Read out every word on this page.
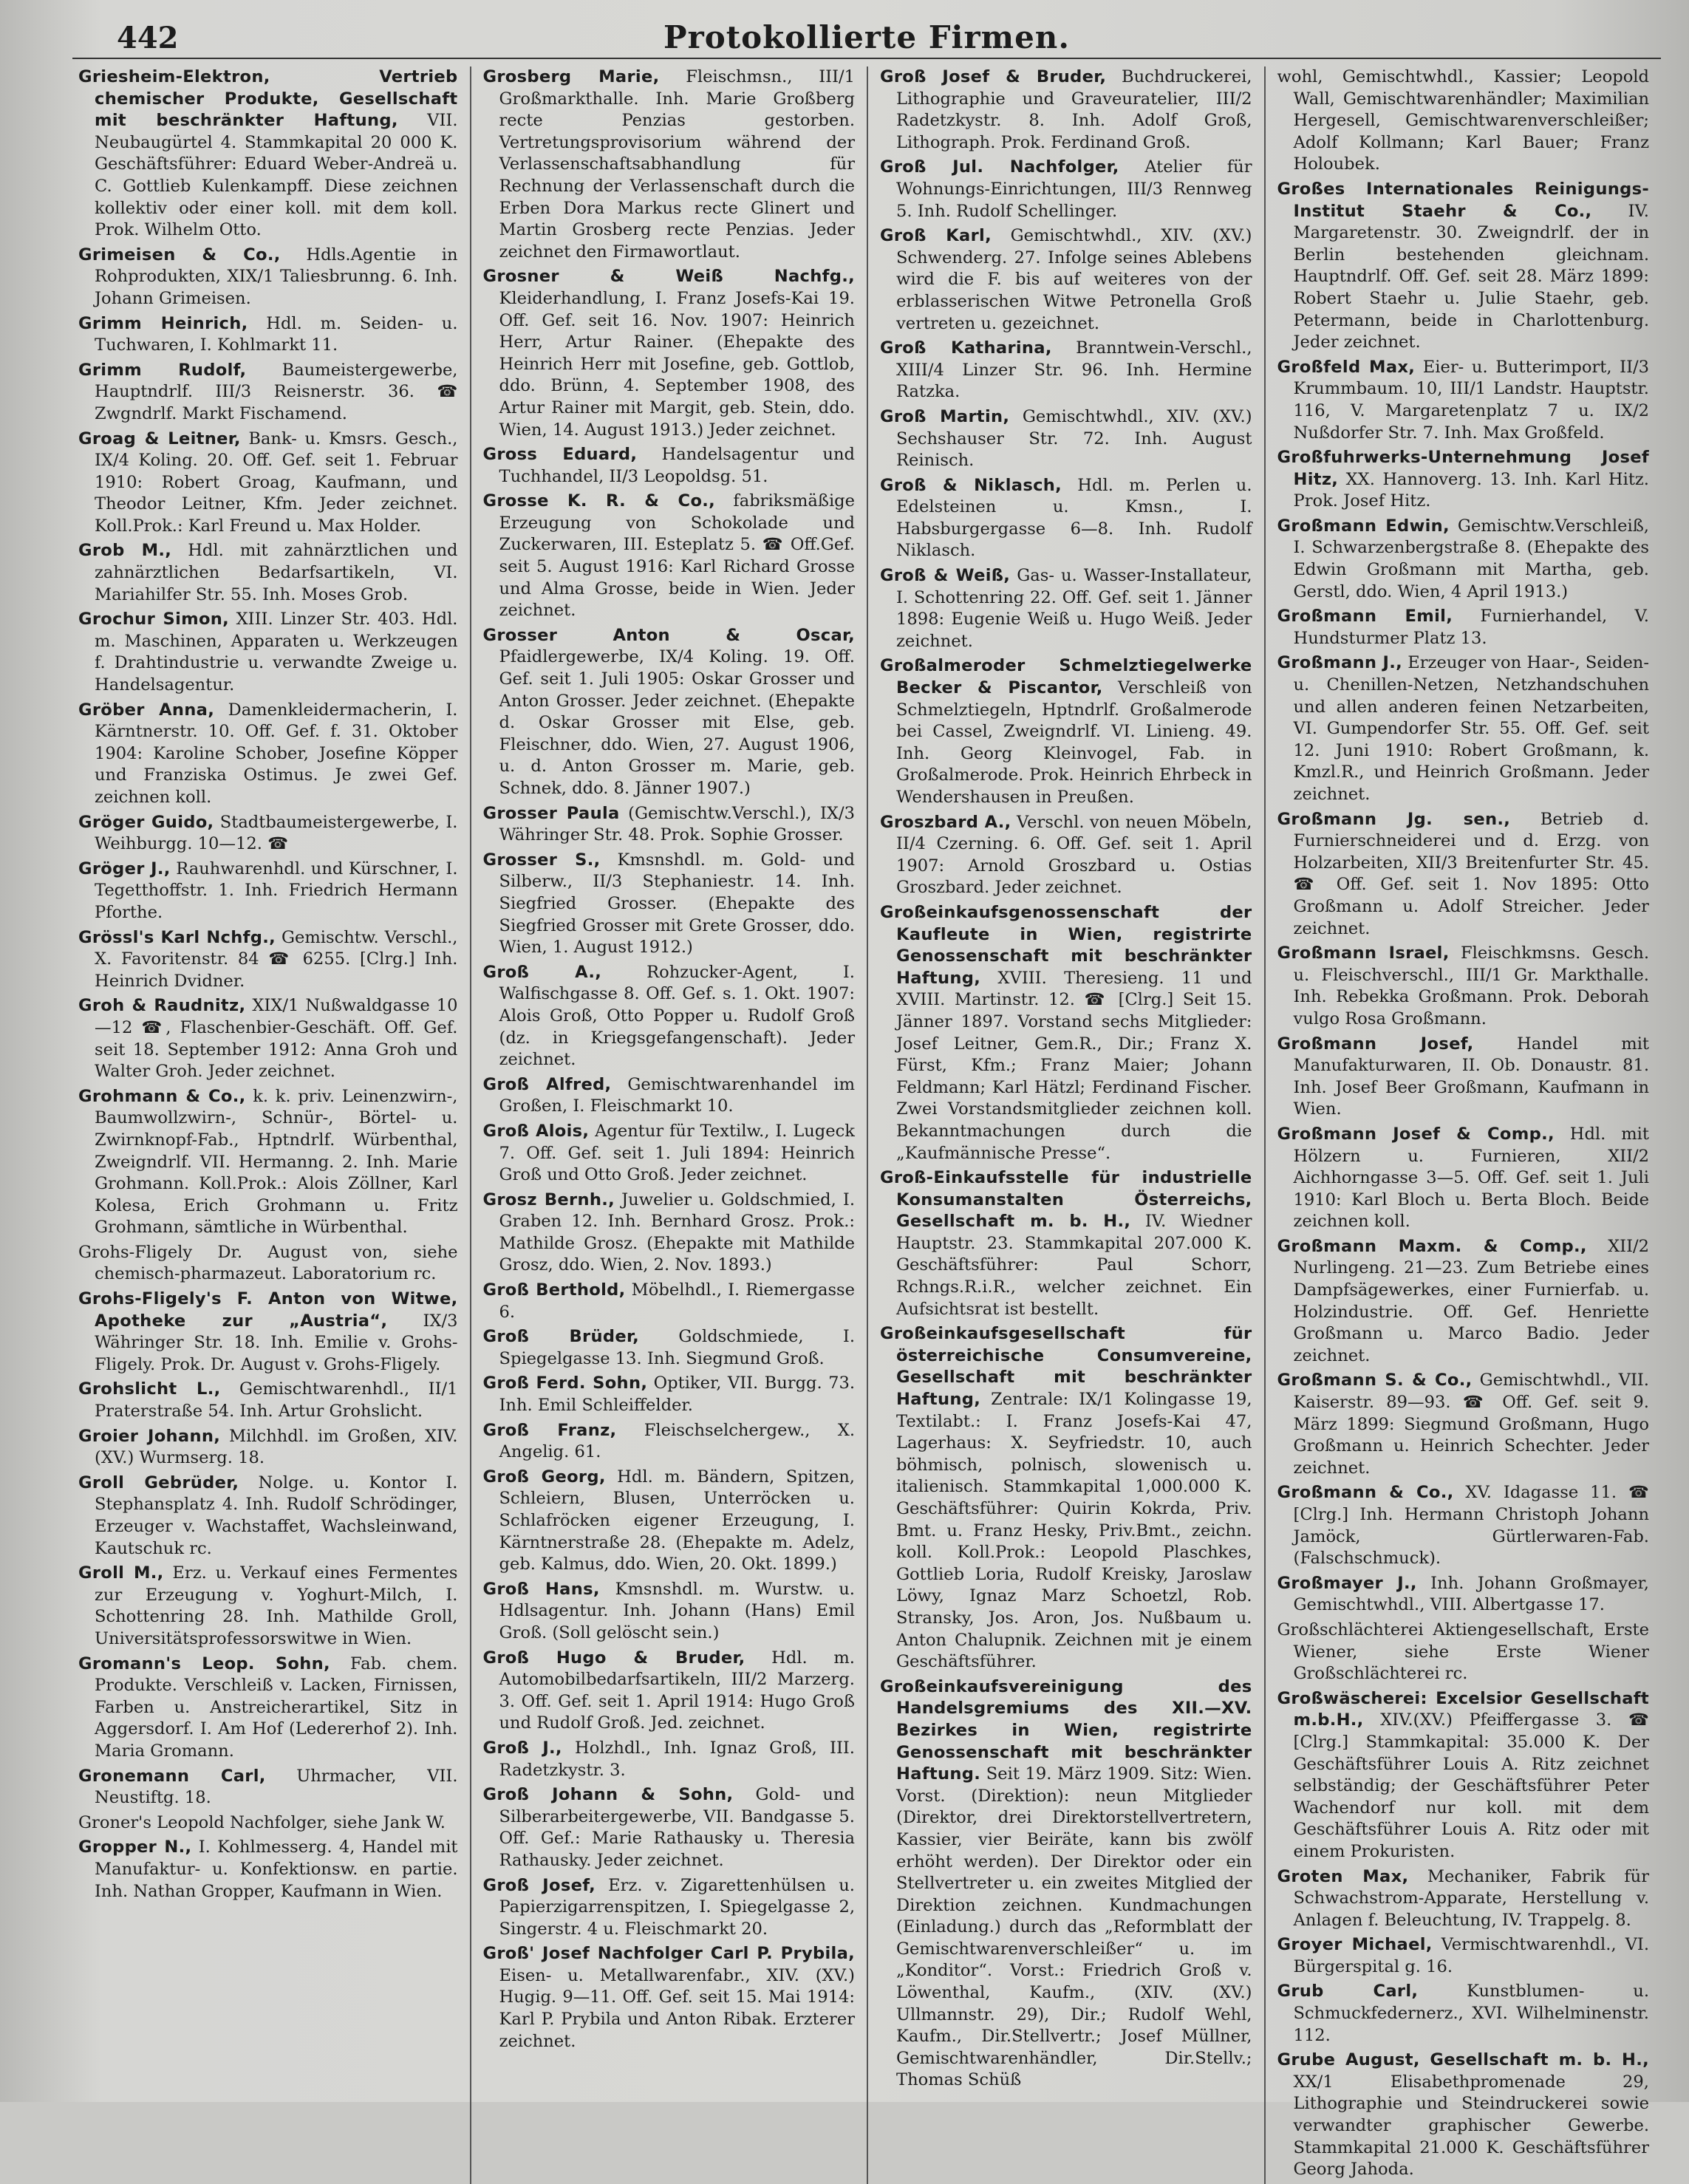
442	Protokollierte Firmen.

Griesheim-Elektron, Vertrieb chemischer Produkte, Gesellschaft mit beschränkter Haftung, VII. Neubaugürtel 4. Stammkapital 20 000 K. Geschäftsführer: Eduard Weber-Andreä u. C. Gottlieb Kulenkampff. Diese zeichnen kollektiv oder einer koll. mit dem koll. Prok. Wilhelm Otto.

Grimeisen & Co., Hdls.Agentie in Rohprodukten, XIX/1 Taliesbrunng. 6. Inh. Johann Grimeisen.

Grimm Heinrich, Hdl. m. Seiden- u. Tuchwaren, I. Kohlmarkt 11.

Grimm Rudolf, Baumeistergewerbe, Hauptndrlf. III/3 Reisnerstr. 36. ☎ Zwgndrlf. Markt Fischamend.

Groag & Leitner, Bank- u. Kmsrs. Gesch., IX/4 Koling. 20. Off. Gef. seit 1. Februar 1910: Robert Groag, Kaufmann, und Theodor Leitner, Kfm. Jeder zeichnet. Koll.Prok.: Karl Freund u. Max Holder.

Grob M., Hdl. mit zahnärztlichen und zahnärztlichen Bedarfsartikeln, VI. Mariahilfer Str. 55. Inh. Moses Grob.

Grochur Simon, XIII. Linzer Str. 403. Hdl. m. Maschinen, Apparaten u. Werkzeugen f. Drahtindustrie u. verwandte Zweige u. Handelsagentur.

Gröber Anna, Damenkleidermacherin, I. Kärntnerstr. 10. Off. Gef. f. 31. Oktober 1904: Karoline Schober, Josefine Köpper und Franziska Ostimus. Je zwei Gef. zeichnen koll.

Gröger Guido, Stadtbaumeistergewerbe, I. Weihburgg. 10—12. ☎

Gröger J., Rauhwarenhdl. und Kürschner, I. Tegetthoffstr. 1. Inh. Friedrich Hermann Pforthe.

Grössl's Karl Nchfg., Gemischtw. Verschl., X. Favoritenstr. 84 ☎ 6255. [Clrg.] Inh. Heinrich Dvidner.

Groh & Raudnitz, XIX/1 Nußwaldgasse 10—12 ☎, Flaschenbier-Geschäft. Off. Gef. seit 18. September 1912: Anna Groh und Walter Groh. Jeder zeichnet.

Grohmann & Co., k. k. priv. Leinenzwirn-, Baumwollzwirn-, Schnür-, Börtel- u. Zwirnknopf-Fab., Hptndrlf. Würbenthal, Zweigndrlf. VII. Hermanng. 2. Inh. Marie Grohmann. Koll.Prok.: Alois Zöllner, Karl Kolesa, Erich Grohmann u. Fritz Grohmann, sämtliche in Würbenthal.

Grohs-Fligely Dr. August von, siehe chemisch-pharmazeut. Laboratorium rc.

Grohs-Fligely's F. Anton von Witwe, Apotheke zur „Austria“, IX/3 Währinger Str. 18. Inh. Emilie v. Grohs-Fligely. Prok. Dr. August v. Grohs-Fligely.

Grohslicht L., Gemischtwarenhdl., II/1 Praterstraße 54. Inh. Artur Grohslicht.

Groier Johann, Milchhdl. im Großen, XIV. (XV.) Wurmserg. 18.

Groll Gebrüder, Nolge. u. Kontor I. Stephansplatz 4. Inh. Rudolf Schrödinger, Erzeuger v. Wachstaffet, Wachsleinwand, Kautschuk rc.

Groll M., Erz. u. Verkauf eines Fermentes zur Erzeugung v. Yoghurt-Milch, I. Schottenring 28. Inh. Mathilde Groll, Universitätsprofessorswitwe in Wien.

Gromann's Leop. Sohn, Fab. chem. Produkte. Verschleiß v. Lacken, Firnissen, Farben u. Anstreicherartikel, Sitz in Aggersdorf. I. Am Hof (Ledererhof 2). Inh. Maria Gromann.

Gronemann Carl, Uhrmacher, VII. Neustiftg. 18.

Groner's Leopold Nachfolger, siehe Jank W.

Gropper N., I. Kohlmesserg. 4, Handel mit Manufaktur- u. Konfektionsw. en partie. Inh. Nathan Gropper, Kaufmann in Wien.

Grosberg Marie, Fleischmsn., III/1 Großmarkthalle. Inh. Marie Großberg recte Penzias gestorben. Vertretungsprovisorium während der Verlassenschaftsabhandlung für Rechnung der Verlassenschaft durch die Erben Dora Markus recte Glinert und Martin Grosberg recte Penzias. Jeder zeichnet den Firmawortlaut.

Grosner & Weiß Nachfg., Kleiderhandlung, I. Franz Josefs-Kai 19. Off. Gef. seit 16. Nov. 1907: Heinrich Herr, Artur Rainer. (Ehepakte des Heinrich Herr mit Josefine, geb. Gottlob, ddo. Brünn, 4. September 1908, des Artur Rainer mit Margit, geb. Stein, ddo. Wien, 14. August 1913.) Jeder zeichnet.

Gross Eduard, Handelsagentur und Tuchhandel, II/3 Leopoldsg. 51.

Grosse K. R. & Co., fabriksmäßige Erzeugung von Schokolade und Zuckerwaren, III. Esteplatz 5. ☎ Off.Gef. seit 5. August 1916: Karl Richard Grosse und Alma Grosse, beide in Wien. Jeder zeichnet.

Grosser Anton & Oscar, Pfaidlergewerbe, IX/4 Koling. 19. Off. Gef. seit 1. Juli 1905: Oskar Grosser und Anton Grosser. Jeder zeichnet. (Ehepakte d. Oskar Grosser mit Else, geb. Fleischner, ddo. Wien, 27. August 1906, u. d. Anton Grosser m. Marie, geb. Schnek, ddo. 8. Jänner 1907.)

Grosser Paula (Gemischtw.Verschl.), IX/3 Währinger Str. 48. Prok. Sophie Grosser.

Grosser S., Kmsnshdl. m. Gold- und Silberw., II/3 Stephaniestr. 14. Inh. Siegfried Grosser. (Ehepakte des Siegfried Grosser mit Grete Grosser, ddo. Wien, 1. August 1912.)

Groß A.,	Rohzucker-Agent, I. Walfischgasse 8. Off. Gef. s. 1. Okt. 1907: Alois Groß, Otto Popper u. Rudolf Groß (dz. in Kriegsgefangenschaft). Jeder zeichnet.

Groß Alfred, Gemischtwarenhandel im Großen, I. Fleischmarkt 10.

Groß Alois, Agentur für Textilw., I. Lugeck 7. Off. Gef. seit 1. Juli 1894: Heinrich Groß und Otto Groß. Jeder zeichnet.

Grosz Bernh., Juwelier u. Goldschmied, I. Graben 12. Inh. Bernhard Grosz. Prok.: Mathilde Grosz. (Ehepakte mit Mathilde Grosz, ddo. Wien, 2. Nov. 1893.)

Groß Berthold, Möbelhdl., I. Riemergasse 6.

Groß Brüder, Goldschmiede, I. Spiegelgasse 13. Inh. Siegmund Groß.

Groß Ferd. Sohn, Optiker, VII. Burgg. 73. Inh. Emil Schleiffelder.

Groß Franz, Fleischselchergew., X. Angelig. 61.

Groß Georg, Hdl. m. Bändern, Spitzen, Schleiern, Blusen, Unterröcken u. Schlafröcken eigener Erzeugung, I. Kärntnerstraße 28. (Ehepakte m. Adelz, geb. Kalmus, ddo. Wien, 20. Okt. 1899.)

Groß Hans, Kmsnshdl. m. Wurstw. u. Hdlsagentur. Inh. Johann (Hans) Emil Groß. (Soll gelöscht sein.)

Groß Hugo & Bruder, Hdl. m. Automobilbedarfsartikeln, III/2 Marzerg. 3. Off. Gef. seit 1. April 1914: Hugo Groß und Rudolf Groß. Jed. zeichnet.

Groß J., Holzhdl., Inh. Ignaz Groß, III. Radetzkystr. 3.

Groß Johann & Sohn, Gold- und Silberarbeitergewerbe, VII. Bandgasse 5. Off. Gef.: Marie Rathausky u. Theresia Rathausky. Jeder zeichnet.

Groß Josef, Erz. v. Zigarettenhülsen u. Papierzigarrenspitzen, I. Spiegelgasse 2, Singerstr. 4 u. Fleischmarkt 20.

Groß' Josef Nachfolger Carl P. Prybila, Eisen- u. Metallwarenfabr., XIV. (XV.) Hugig. 9—11. Off. Gef. seit 15. Mai 1914: Karl P. Prybila und Anton Ribak. Erzterer zeichnet.

Groß Josef & Bruder, Buchdruckerei, Lithographie und Graveuratelier, III/2 Radetzkystr. 8. Inh. Adolf Groß, Lithograph. Prok. Ferdinand Groß.

Groß Jul. Nachfolger, Atelier für Wohnungs-Einrichtungen, III/3 Rennweg 5. Inh. Rudolf Schellinger.

Groß Karl, Gemischtwhdl., XIV. (XV.) Schwenderg. 27. Infolge seines Ablebens wird die F. bis auf weiteres von der erblasserischen Witwe Petronella Groß vertreten u. gezeichnet.

Groß Katharina, Branntwein-Verschl., XIII/4 Linzer Str. 96. Inh. Hermine Ratzka.

Groß Martin, Gemischtwhdl., XIV. (XV.) Sechshauser Str. 72. Inh. August Reinisch.

Groß & Niklasch, Hdl. m. Perlen u. Edelsteinen u. Kmsn., I. Habsburgergasse 6—8. Inh. Rudolf Niklasch.

Groß & Weiß, Gas- u. Wasser-Installateur, I. Schottenring 22. Off. Gef. seit 1. Jänner 1898: Eugenie Weiß u. Hugo Weiß. Jeder zeichnet.

Großalmeroder Schmelztiegelwerke Becker & Piscantor, Verschleiß von Schmelztiegeln, Hptndrlf. Großalmerode bei Cassel, Zweigndrlf. VI. Linieng. 49. Inh. Georg Kleinvogel, Fab. in Großalmerode. Prok. Heinrich Ehrbeck in Wendershausen in Preußen.

Groszbard A., Verschl. von neuen Möbeln, II/4 Czerning. 6. Off. Gef. seit 1. April 1907: Arnold Groszbard u. Ostias Groszbard. Jeder zeichnet.

Großeinkaufsgenossenschaft der Kaufleute in Wien, registrirte Genossenschaft mit beschränkter Haftung, XVIII. Theresieng. 11 und XVIII. Martinstr. 12. ☎ [Clrg.] Seit 15. Jänner 1897. Vorstand sechs Mitglieder: Josef Leitner, Gem.R., Dir.; Franz X. Fürst, Kfm.; Franz Maier; Johann Feldmann; Karl Hätzl; Ferdinand Fischer. Zwei Vorstandsmitglieder zeichnen koll. Bekanntmachungen durch die „Kaufmännische Presse“.

Groß-Einkaufsstelle für industrielle Konsumanstalten Österreichs, Gesellschaft m. b. H., IV. Wiedner Hauptstr. 23. Stammkapital 207.000 K. Geschäftsführer: Paul Schorr, Rchngs.R.i.R., welcher zeichnet. Ein Aufsichtsrat ist bestellt.

Großeinkaufsgesellschaft für österreichische Consumvereine, Gesellschaft mit beschränkter Haftung, Zentrale: IX/1 Kolingasse 19, Textilabt.: I. Franz Josefs-Kai 47, Lagerhaus: X. Seyfriedstr. 10, auch böhmisch, polnisch, slowenisch u. italienisch. Stammkapital 1,000.000 K. Geschäftsführer: Quirin Kokrda, Priv. Bmt. u. Franz Hesky, Priv.Bmt., zeichn. koll. Koll.Prok.: Leopold Plaschkes, Gottlieb Loria, Rudolf Kreisky, Jaroslaw Löwy, Ignaz Marz Schoetzl, Rob. Stransky, Jos. Aron, Jos. Nußbaum u. Anton Chalupnik. Zeichnen mit je einem Geschäftsführer.

Großeinkaufsvereinigung des Handelsgremiums des XII.—XV. Bezirkes in Wien, registrirte Genossenschaft mit beschränkter Haftung. Seit 19. März 1909. Sitz: Wien. Vorst. (Direktion): neun Mitglieder (Direktor, drei Direktorstellvertretern, Kassier, vier Beiräte, kann bis zwölf erhöht werden). Der Direktor oder ein Stellvertreter u. ein zweites Mitglied der Direktion zeichnen. Kundmachungen (Einladung.) durch das „Reformblatt der Gemischtwarenverschleißer“ u. im „Konditor“. Vorst.: Friedrich Groß v. Löwenthal, Kaufm., (XIV. (XV.) Ullmannstr. 29), Dir.; Rudolf Wehl, Kaufm., Dir.Stellvertr.; Josef Müllner, Gemischtwarenhändler, Dir.Stellv.; Thomas Schüß

wohl, Gemischtwhdl., Kassier; Leopold Wall, Gemischtwarenhändler; Maximilian Hergesell, Gemischtwarenverschleißer; Adolf Kollmann; Karl Bauer; Franz Holoubek.

Großes Internationales Reinigungs-Institut Staehr & Co., IV. Margaretenstr. 30. Zweigndrlf. der in Berlin bestehenden gleichnam. Hauptndrlf. Off. Gef. seit 28. März 1899: Robert Staehr u. Julie Staehr, geb. Petermann, beide in Charlottenburg. Jeder zeichnet.

Großfeld Max, Eier- u. Butterimport, II/3 Krummbaum. 10, III/1 Landstr. Hauptstr. 116, V. Margaretenplatz 7 u. IX/2 Nußdorfer Str. 7. Inh. Max Großfeld.

Großfuhrwerks-Unternehmung Josef Hitz, XX. Hannoverg. 13. Inh. Karl Hitz. Prok. Josef Hitz.

Großmann Edwin, Gemischtw.Verschleiß, I. Schwarzenbergstraße 8. (Ehepakte des Edwin Großmann mit Martha, geb. Gerstl, ddo. Wien, 4 April 1913.)

Großmann Emil, Furnierhandel, V. Hundsturmer Platz 13.

Großmann J., Erzeuger von Haar-, Seiden- u. Chenillen-Netzen, Netzhandschuhen und allen anderen feinen Netzarbeiten, VI. Gumpendorfer Str. 55. Off. Gef. seit 12. Juni 1910: Robert Großmann, k. Kmzl.R., und Heinrich Großmann. Jeder zeichnet.

Großmann Jg. sen., Betrieb d. Furnierschneiderei und d. Erzg. von Holzarbeiten, XII/3 Breitenfurter Str. 45. ☎ Off. Gef. seit 1. Nov 1895: Otto Großmann u. Adolf Streicher. Jeder zeichnet.

Großmann Israel, Fleischkmsns. Gesch. u. Fleischverschl., III/1 Gr. Markthalle. Inh. Rebekka Großmann. Prok. Deborah vulgo Rosa Großmann.

Großmann Josef,	Handel mit Manufakturwaren, II. Ob. Donaustr. 81. Inh. Josef Beer Großmann, Kaufmann in Wien.

Großmann Josef & Comp., Hdl. mit Hölzern u. Furnieren, XII/2 Aichhorngasse 3—5. Off. Gef. seit 1. Juli 1910: Karl Bloch u. Berta Bloch. Beide zeichnen koll.

Großmann Maxm. & Comp., XII/2 Nurlingeng. 21—23. Zum Betriebe eines Dampfsägewerkes, einer Furnierfab. u. Holzindustrie. Off. Gef. Henriette Großmann u. Marco Badio. Jeder zeichnet.

Großmann S. & Co., Gemischtwhdl., VII. Kaiserstr. 89—93. ☎ Off. Gef. seit 9. März 1899: Siegmund Großmann, Hugo Großmann u. Heinrich Schechter. Jeder zeichnet.

Großmann & Co., XV. Idagasse 11. ☎ [Clrg.] Inh. Hermann Christoph Johann Jamöck, Gürtlerwaren-Fab. (Falschschmuck).

Großmayer J., Inh. Johann Großmayer, Gemischtwhdl., VIII. Albertgasse 17.

Großschlächterei Aktiengesellschaft, Erste Wiener, siehe Erste Wiener Großschlächterei rc.

Großwäscherei: Excelsior Gesellschaft m.b.H., XIV.(XV.) Pfeiffergasse 3. ☎ [Clrg.] Stammkapital: 35.000 K. Der Geschäftsführer Louis A. Ritz zeichnet selbständig; der Geschäftsführer Peter Wachendorf nur koll. mit dem Geschäftsführer Louis A. Ritz oder mit einem Prokuristen.

Groten Max, Mechaniker, Fabrik für Schwachstrom-Apparate, Herstellung v. Anlagen f. Beleuchtung, IV. Trappelg. 8.

Groyer Michael, Vermischtwarenhdl., VI. Bürgerspital g. 16.

Grub Carl,	Kunstblumen- u. Schmuckfedernerz., XVI. Wilhelminenstr. 112.

Grube August, Gesellschaft m. b. H., XX/1 Elisabethpromenade 29, Lithographie und Steindruckerei sowie verwandter graphischer Gewerbe. Stammkapital 21.000 K. Geschäftsführer Georg Jahoda.
